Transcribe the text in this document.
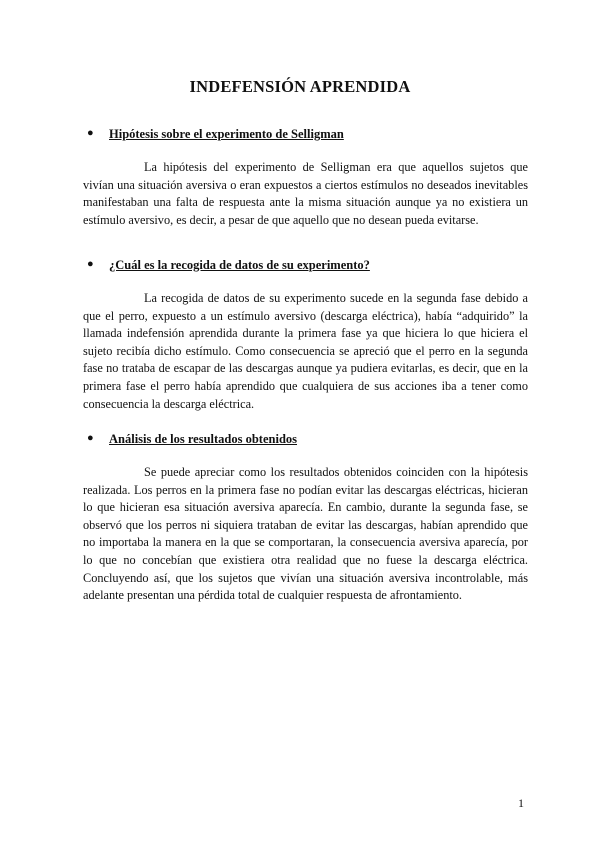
INDEFENSIÓN APRENDIDA
● Hipótesis sobre el experimento de Selligman

La hipótesis del experimento de Selligman era que aquellos sujetos que vivían una situación aversiva o eran expuestos a ciertos estímulos no deseados inevitables manifestaban una falta de respuesta ante la misma situación aunque ya no existiera un estímulo aversivo, es decir, a pesar de que aquello que no desean pueda evitarse.

● ¿Cuál es la recogida de datos de su experimento?

La recogida de datos de su experimento sucede en la segunda fase debido a que el perro, expuesto a un estímulo aversivo (descarga eléctrica), había “adquirido” la llamada indefensión aprendida durante la primera fase ya que hiciera lo que hiciera el sujeto recibía dicho estímulo. Como consecuencia se apreció que el perro en la segunda fase no trataba de escapar de las descargas aunque ya pudiera evitarlas, es decir, que en la primera fase el perro había aprendido que cualquiera de sus acciones iba a tener como consecuencia la descarga eléctrica.

● Análisis de los resultados obtenidos

Se puede apreciar como los resultados obtenidos coinciden con la hipótesis realizada. Los perros en la primera fase no podían evitar las descargas eléctricas, hicieran lo que hicieran esa situación aversiva aparecía. En cambio, durante la segunda fase, se observó que los perros ni siquiera trataban de evitar las descargas, habían aprendido que no importaba la manera en la que se comportaran, la consecuencia aversiva aparecía, por lo que no concebían que existiera otra realidad que no fuese la descarga eléctrica. Concluyendo así, que los sujetos que vivían una situación aversiva incontrolable, más adelante presentan una pérdida total de cualquier respuesta de afrontamiento.

1
